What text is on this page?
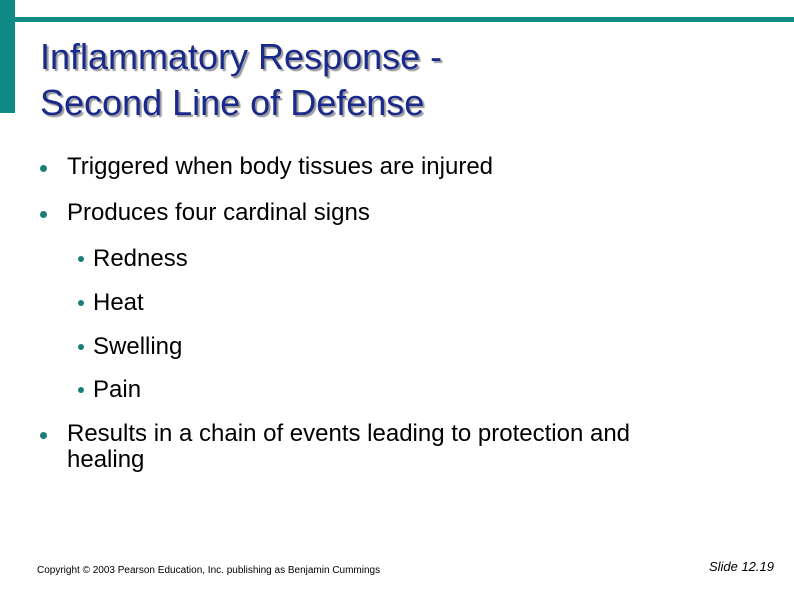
Inflammatory Response -
Second Line of Defense
Triggered when body tissues are injured
Produces four cardinal signs
Redness
Heat
Swelling
Pain
Results in a chain of events leading to protection and healing
Copyright © 2003 Pearson Education, Inc. publishing as Benjamin Cummings	Slide 12.19
